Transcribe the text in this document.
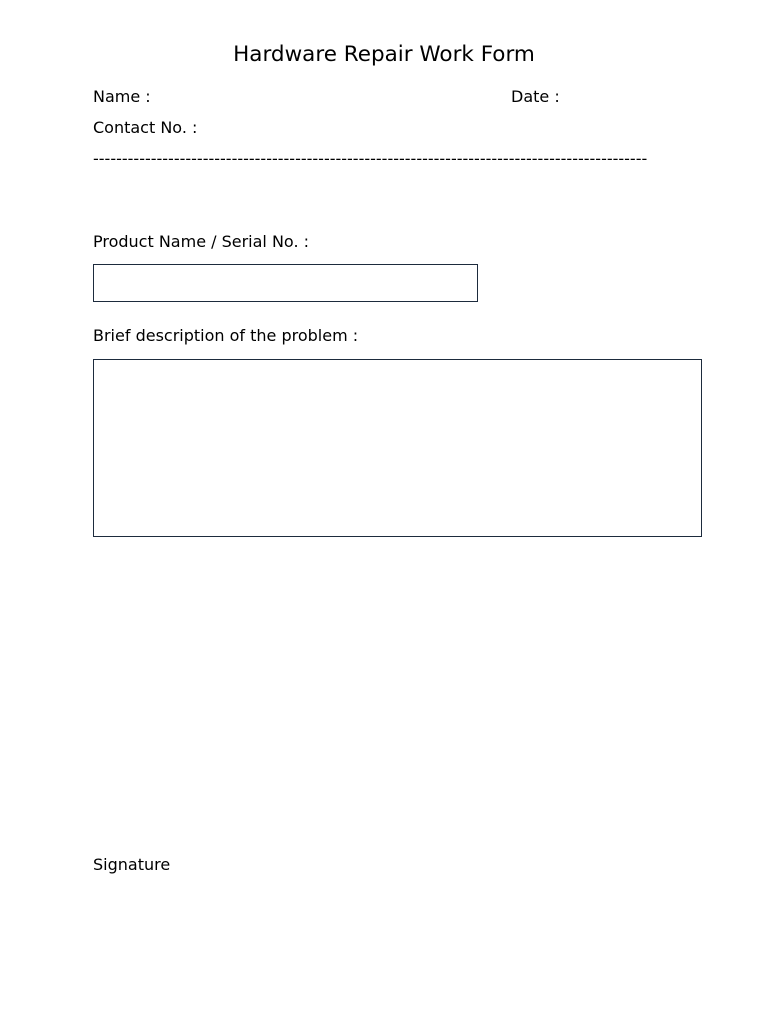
Hardware Repair Work Form

Name :	Date :

Contact No. :

------------------------------------------------------------------------------------------------

Product Name / Serial No. :

Brief description of the problem :

Signature
